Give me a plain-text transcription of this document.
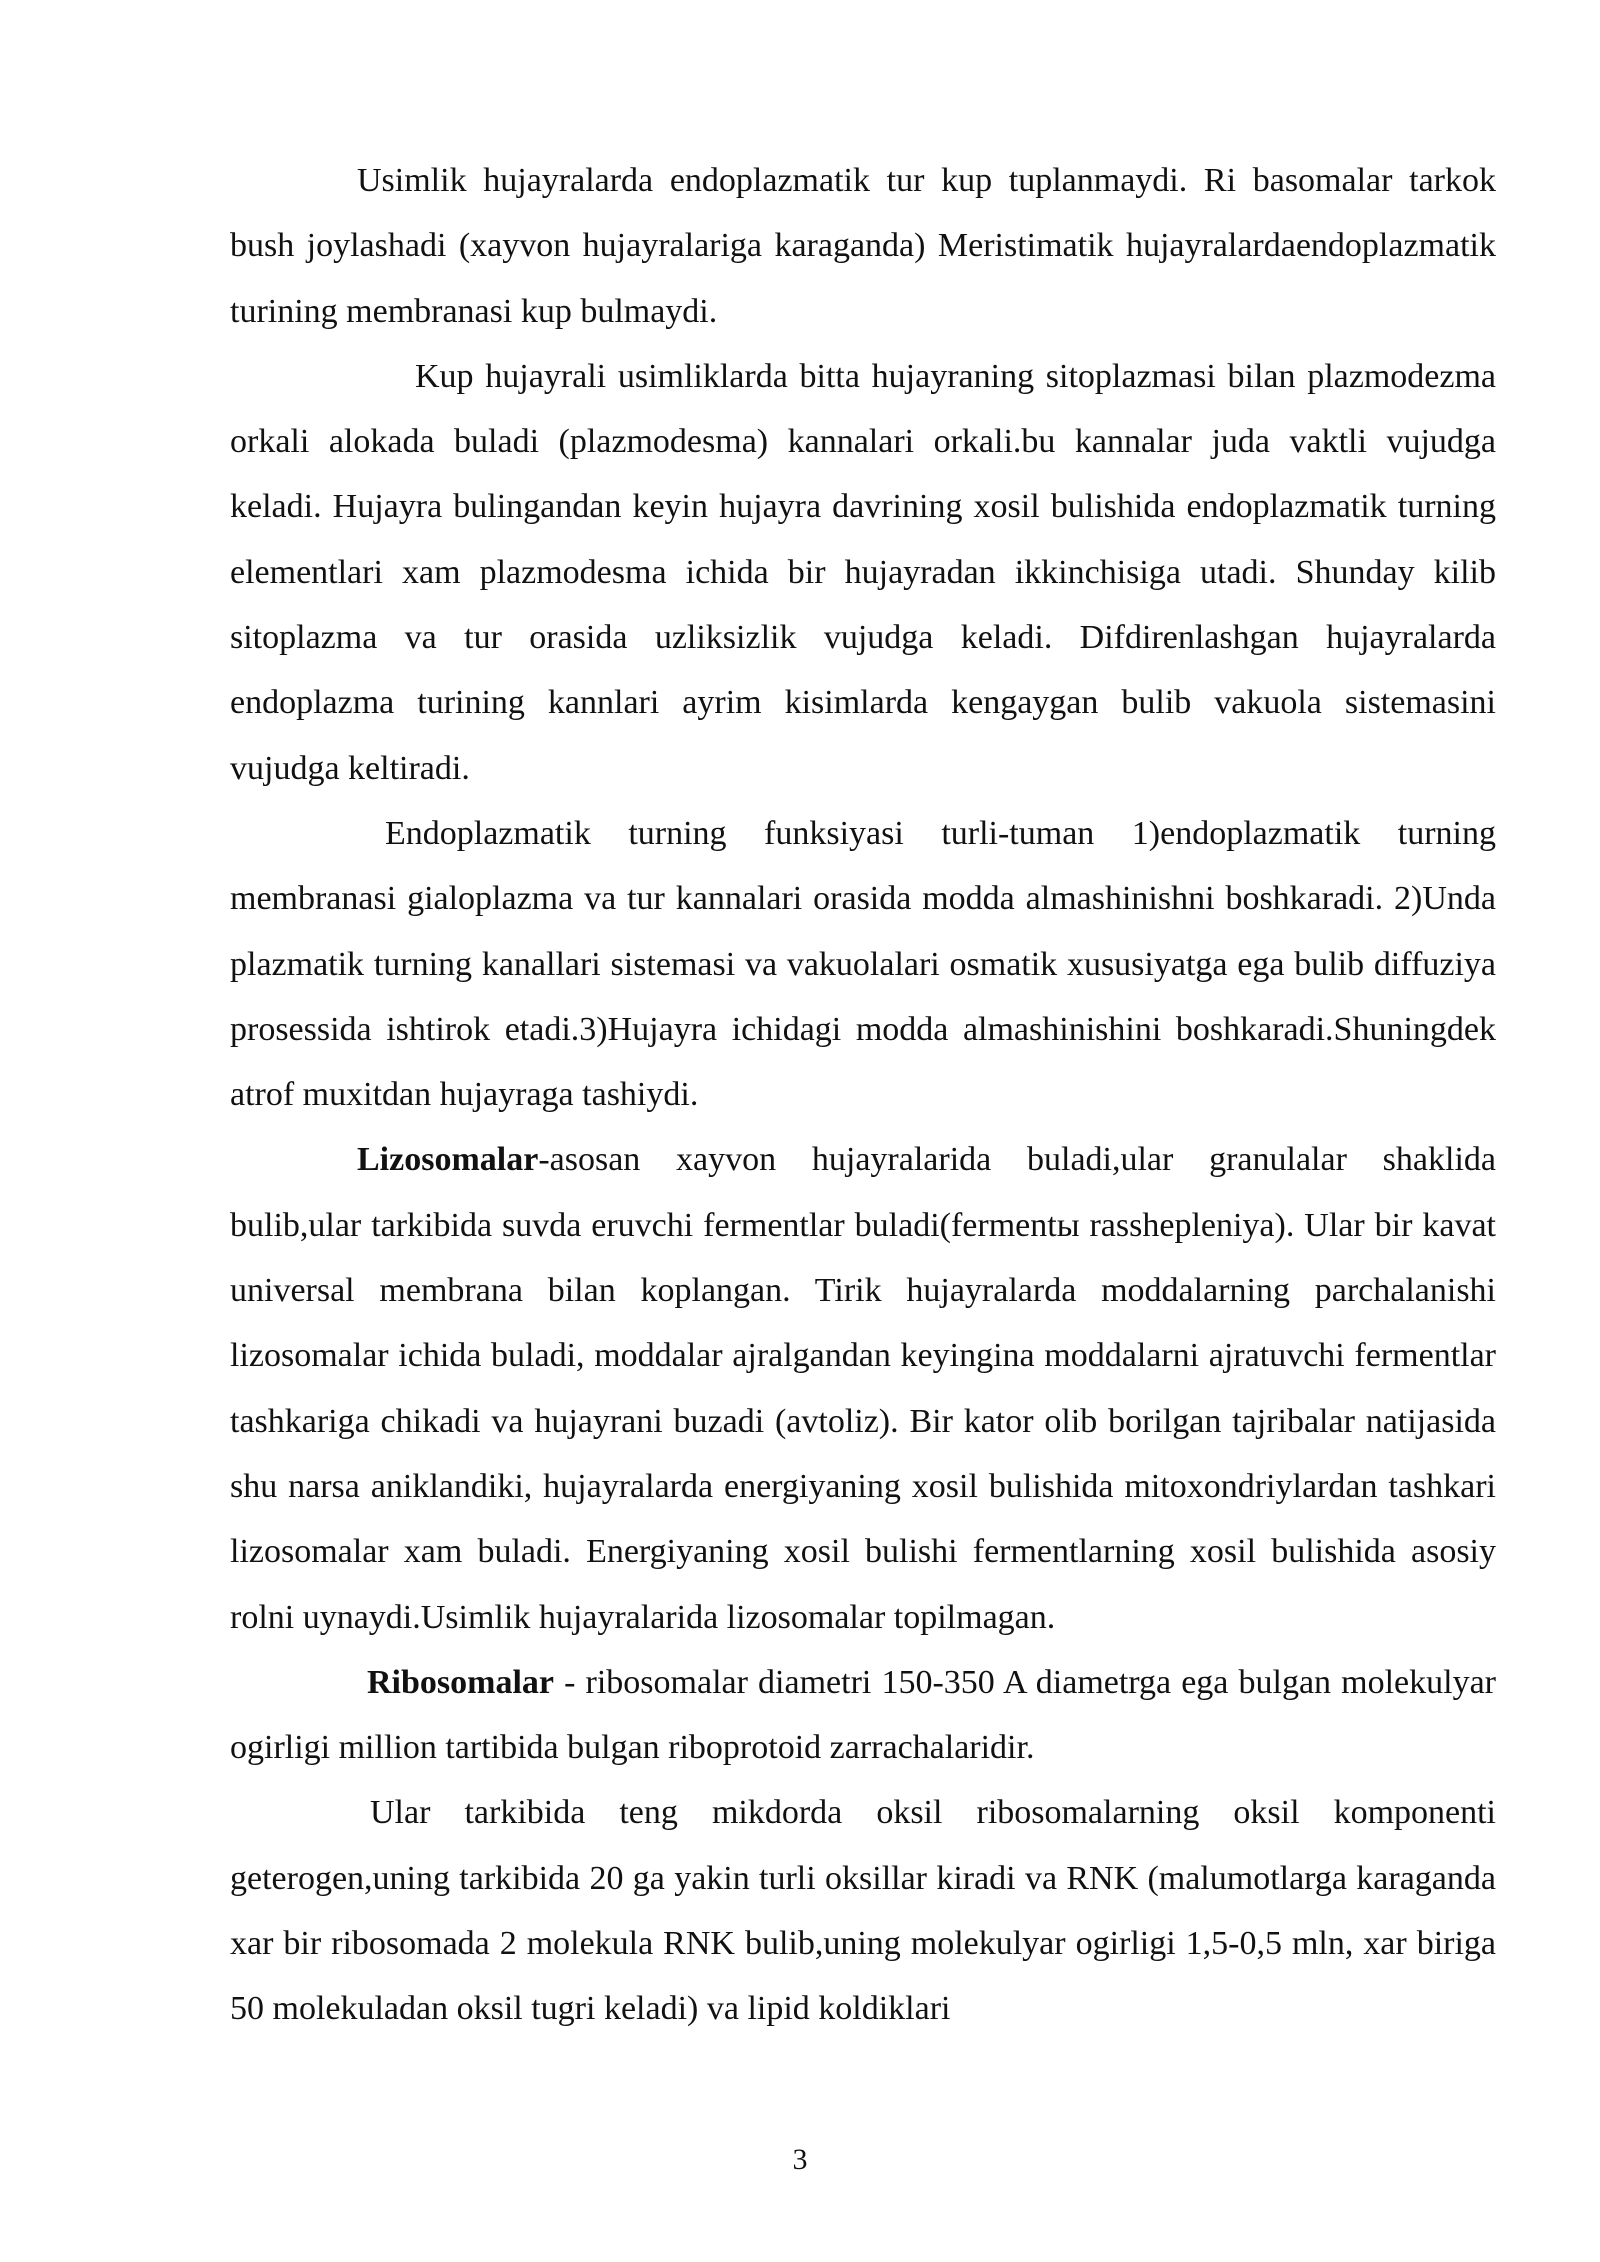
Usimlik hujayralarda endoplazmatik tur kup tuplanmaydi. Ri basomalar tarkok bush joylashadi (xayvon hujayralariga karaganda) Meristimatik hujayralardaendoplazmatik turining membranasi kup bulmaydi.

Kup hujayrali usimliklarda bitta hujayraning sitoplazmasi bilan plazmodezma orkali alokada buladi (plazmodesma) kannalari orkali.bu kannalar juda vaktli vujudga keladi. Hujayra bulingandan keyin hujayra davrining xosil bulishida endoplazmatik turning elementlari xam plazmodesma ichida bir hujayradan ikkinchisiga utadi. Shunday kilib sitoplazma va tur orasida uzliksizlik vujudga keladi. Difdirenlashgan hujayralarda endoplazma turining kannlari ayrim kisimlarda kengaygan bulib vakuola sistemasini vujudga keltiradi.

Endoplazmatik turning funksiyasi turli-tuman 1)endoplazmatik turning membranasi gialoplazma va tur kannalari orasida modda almashinishni boshkaradi. 2)Unda plazmatik turning kanallari sistemasi va vakuolalari osmatik xususiyatga ega bulib diffuziya prosessida ishtirok etadi.3)Hujayra ichidagi modda almashinishini boshkaradi.Shuningdek atrof muxitdan hujayraga tashiydi.

Lizosomalar-asosan xayvon hujayralarida buladi,ular granulalar shaklida bulib,ular tarkibida suvda eruvchi fermentlar buladi(fermentы rasshepleniya). Ular bir kavat universal membrana bilan koplangan. Tirik hujayralarda moddalarning parchalanishi lizosomalar ichida buladi, moddalar ajralgandan keyingina moddalarni ajratuvchi fermentlar tashkariga chikadi va hujayrani buzadi (avtoliz). Bir kator olib borilgan tajribalar natijasida shu narsa aniklandiki, hujayralarda energiyaning xosil bulishida mitoxondriylardan tashkari lizosomalar xam buladi. Energiyaning xosil bulishi fermentlarning xosil bulishida asosiy rolni uynaydi.Usimlik hujayralarida lizosomalar topilmagan.

Ribosomalar - ribosomalar diametri 150-350 A diametrga ega bulgan molekulyar ogirligi million tartibida bulgan riboprotoid zarrachalaridir.

Ular tarkibida teng mikdorda oksil ribosomalarning oksil komponenti geterogen,uning tarkibida 20 ga yakin turli oksillar kiradi va RNK (malumotlarga karaganda xar bir ribosomada 2 molekula RNK bulib,uning molekulyar ogirligi 1,5-0,5 mln, xar biriga 50 molekuladan oksil tugri keladi) va lipid koldiklari

3
